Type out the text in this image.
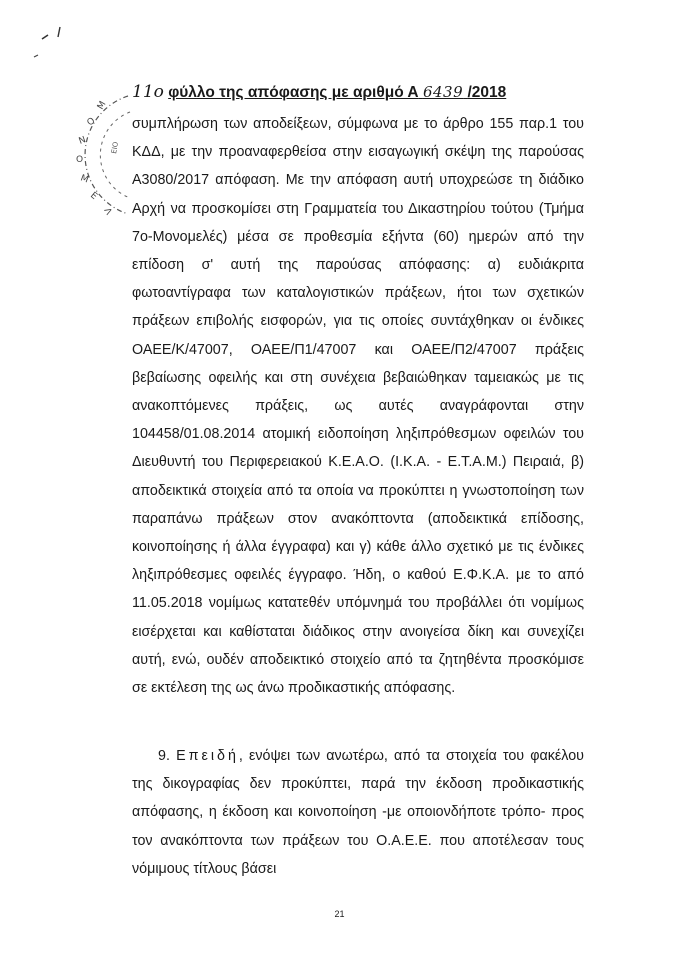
Μ
Ο
Ν
Ο
Μ
Ε
Λ
ΕΙΟ
11ο φύλλο της απόφασης με αριθμό Α 6439 /2018
συμπλήρωση των αποδείξεων, σύμφωνα με το άρθρο 155 παρ.1 του ΚΔΔ, με την προαναφερθείσα στην εισαγωγική σκέψη της παρούσας Α3080/2017 απόφαση. Με την απόφαση αυτή υποχρεώσε τη διάδικο Αρχή να προσκομίσει στη Γραμματεία του Δικαστηρίου τούτου (Τμήμα 7ο-Μονομελές) μέσα σε προθεσμία εξήντα (60) ημερών από την επίδοση σ' αυτή της παρούσας απόφασης: α) ευδιάκριτα φωτοαντίγραφα των καταλογιστικών πράξεων, ήτοι των σχετικών πράξεων επιβολής εισφορών, για τις οποίες συντάχθηκαν οι ένδικες ΟΑΕΕ/Κ/47007, ΟΑΕΕ/Π1/47007 και ΟΑΕΕ/Π2/47007 πράξεις βεβαίωσης οφειλής και στη συνέχεια βεβαιώθηκαν ταμειακώς με τις ανακοπτόμενες πράξεις, ως αυτές αναγράφονται στην 104458/01.08.2014 ατομική ειδοποίηση ληξιπρόθεσμων οφειλών του Διευθυντή του Περιφερειακού Κ.Ε.Α.Ο. (Ι.Κ.Α. - Ε.Τ.Α.Μ.) Πειραιά, β) αποδεικτικά στοιχεία από τα οποία να προκύπτει η γνωστοποίηση των παραπάνω πράξεων στον ανακόπτοντα (αποδεικτικά επίδοσης, κοινοποίησης ή άλλα έγγραφα) και γ) κάθε άλλο σχετικό με τις ένδικες ληξιπρόθεσμες οφειλές έγγραφο. Ήδη, ο καθού Ε.Φ.Κ.Α. με το από 11.05.2018 νομίμως κατατεθέν υπόμνημά του προβάλλει ότι νομίμως εισέρχεται και καθίσταται διάδικος στην ανοιγείσα δίκη και συνεχίζει αυτή, ενώ, ουδέν αποδεικτικό στοιχείο από τα ζητηθέντα προσκόμισε σε εκτέλεση της ως άνω προδικαστικής απόφασης.
9. Επειδή, ενόψει των ανωτέρω, από τα στοιχεία του φακέλου της δικογραφίας δεν προκύπτει, παρά την έκδοση προδικαστικής απόφασης, η έκδοση και κοινοποίηση -με οποιονδήποτε τρόπο- προς τον ανακόπτοντα των πράξεων του Ο.Α.Ε.Ε. που αποτέλεσαν τους νόμιμους τίτλους βάσει
21
